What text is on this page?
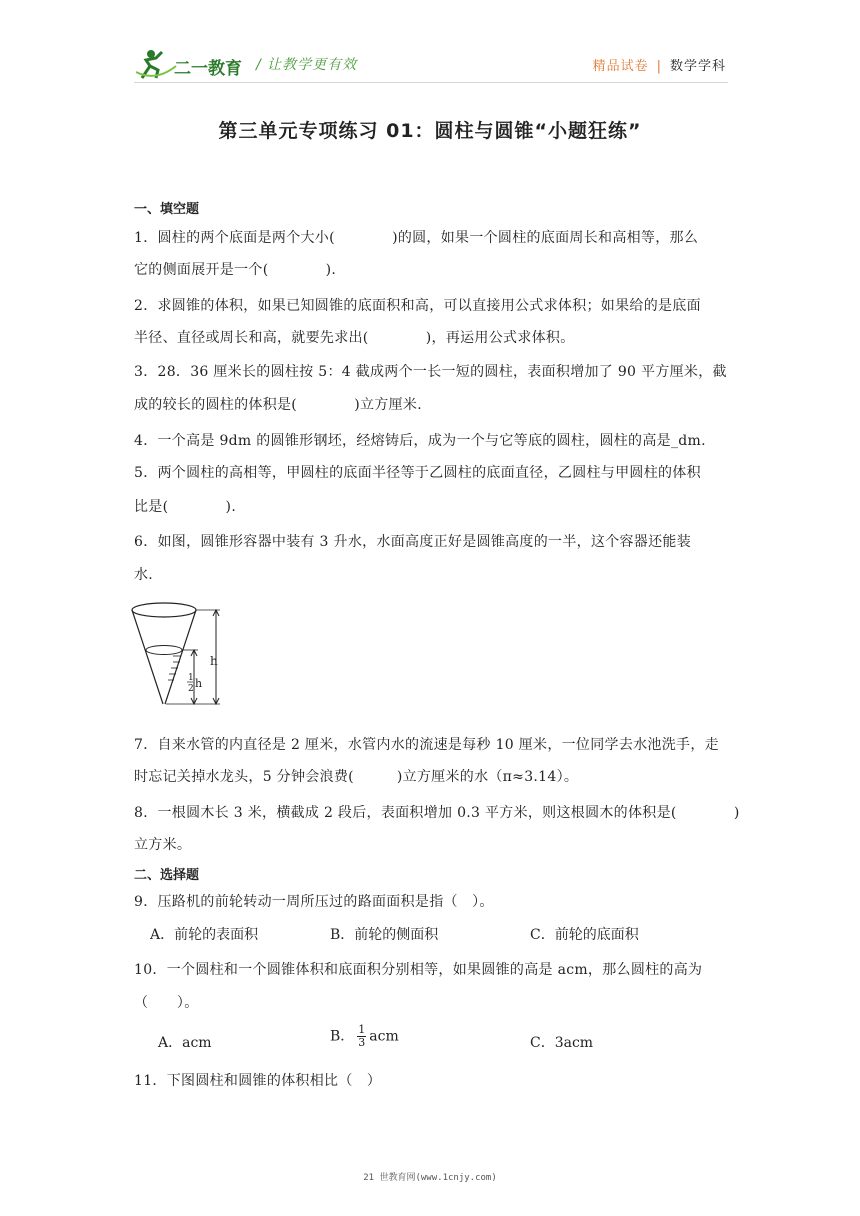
二一教育 / 让教学更有效	精品试卷 | 数学学科
第三单元专项练习 01：圆柱与圆锥“小题狂练”
一、填空题
1．圆柱的两个底面是两个大小(　　　　)的圆，如果一个圆柱的底面周长和高相等，那么
它的侧面展开是一个(　　　　).
2．求圆锥的体积，如果已知圆锥的底面积和高，可以直接用公式求体积；如果给的是底面
半径、直径或周长和高，就要先求出(　　　　)，再运用公式求体积。
3．28．36 厘米长的圆柱按 5：4 截成两个一长一短的圆柱，表面积增加了 90 平方厘米，截
成的较长的圆柱的体积是(　　　　)立方厘米.
4．一个高是 9dm 的圆锥形钢坯，经熔铸后，成为一个与它等底的圆柱，圆柱的高是_dm.
5．两个圆柱的高相等，甲圆柱的底面半径等于乙圆柱的底面直径，乙圆柱与甲圆柱的体积
比是(　　　　).
6．如图，圆锥形容器中装有 3 升水，水面高度正好是圆锥高度的一半，这个容器还能装
水.
h
1
2 h
7．自来水管的内直径是 2 厘米，水管内水的流速是每秒 10 厘米，一位同学去水池洗手，走
时忘记关掉水龙头，5 分钟会浪费(　　　)立方厘米的水（π≈3.14）。
8．一根圆木长 3 米，横截成 2 段后，表面积增加 0.3 平方米，则这根圆木的体积是(　　　　)
立方米。
二、选择题
9．压路机的前轮转动一周所压过的路面面积是指（　）。
A．前轮的表面积	B．前轮的侧面积	C．前轮的底面积
10．一个圆柱和一个圆锥体积和底面积分别相等，如果圆锥的高是 acm，那么圆柱的高为
（　　）。
A．acm	B． $\frac{1}{3}$ acm	C．3acm
11．下图圆柱和圆锥的体积相比（　）
21 世教育网(www.1cnjy.com)
